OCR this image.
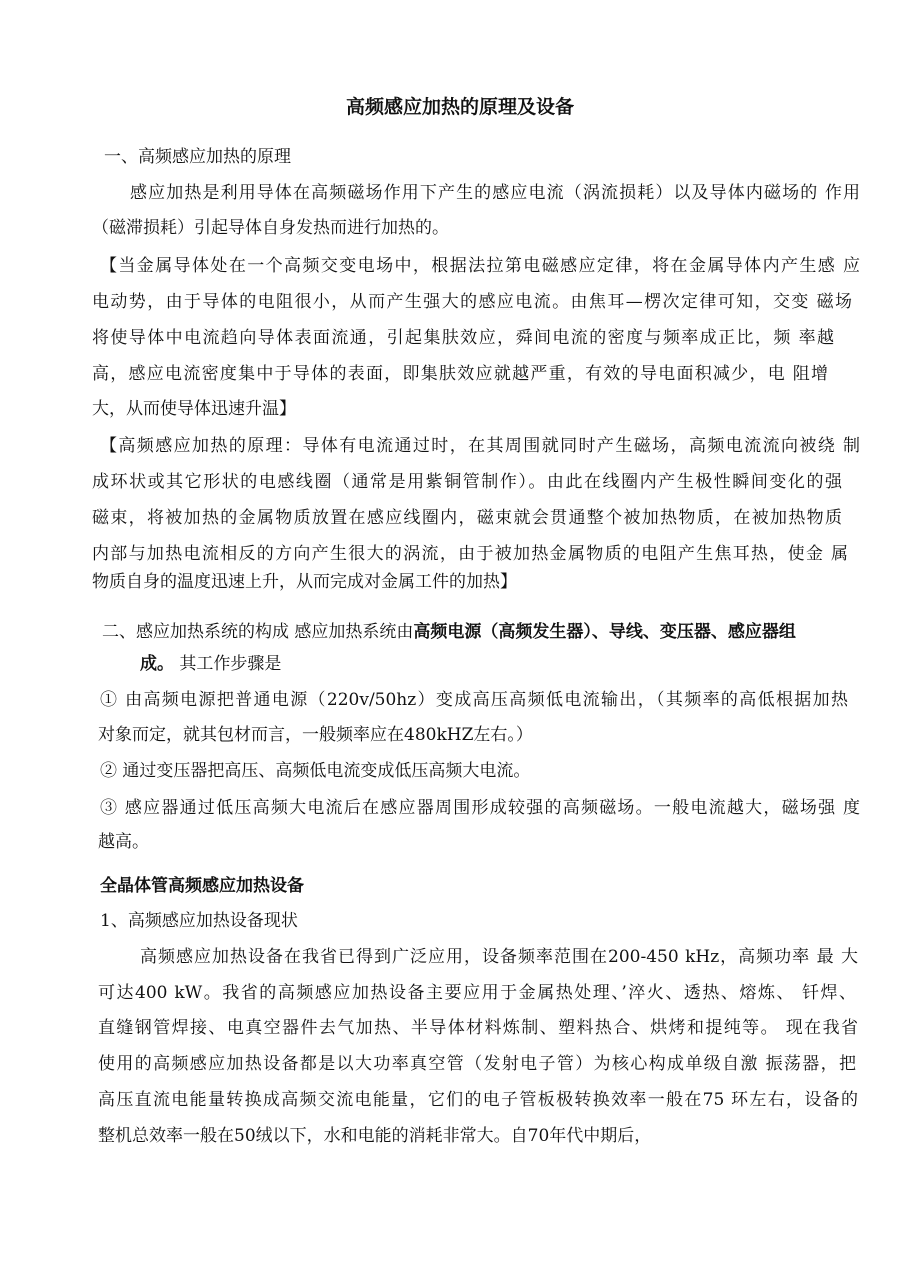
高频感应加热的原理及设备
一、高频感应加热的原理
感应加热是利用导体在高频磁场作用下产生的感应电流（涡流损耗）以及导体内磁场的 作用
（磁滞损耗）引起导体自身发热而进行加热的。
【当金属导体处在一个高频交变电场中，根据法拉第电磁感应定律，将在金属导体内产生感 应
电动势，由于导体的电阻很小，从而产生强大的感应电流。由焦耳—楞次定律可知，交变 磁场
将使导体中电流趋向导体表面流通，引起集肤效应，舜间电流的密度与频率成正比，频 率越
高，感应电流密度集中于导体的表面，即集肤效应就越严重，有效的导电面积减少，电 阻增
大，从而使导体迅速升温】
【高频感应加热的原理：导体有电流通过时，在其周围就同时产生磁场，高频电流流向被绕 制
成环状或其它形状的电感线圈（通常是用紫铜管制作）。由此在线圈内产生极性瞬间变化的强
磁束，将被加热的金属物质放置在感应线圈内，磁束就会贯通整个被加热物质，在被加热物质
内部与加热电流相反的方向产生很大的涡流，由于被加热金属物质的电阻产生焦耳热，使金 属
物质自身的温度迅速上升，从而完成对金属工件的加热】
二、感应加热系统的构成 感应加热系统由高频电源（高频发生器）、导线、变压器、感应器组
成。 其工作步骤是
① 由高频电源把普通电源（220v/50hz）变成高压高频低电流输出，（其频率的高低根据加热
对象而定，就其包材而言，一般频率应在480kHZ左右。）
② 通过变压器把高压、高频低电流变成低压高频大电流。
③ 感应器通过低压高频大电流后在感应器周围形成较强的高频磁场。一般电流越大，磁场强 度
越高。
全晶体管高频感应加热设备
1、高频感应加热设备现状
高频感应加热设备在我省已得到广泛应用，设备频率范围在200-450 kHz，高频功率 最 大
可达400 kW。我省的高频感应加热设备主要应用于金属热处理、’淬火、透热、熔炼、 钎焊、
直缝钢管焊接、电真空器件去气加热、半导体材料炼制、塑料热合、烘烤和提纯等。 现在我省
使用的高频感应加热设备都是以大功率真空管（发射电子管）为核心构成单级自激 振荡器，把
高压直流电能量转换成高频交流电能量，它们的电子管板极转换效率一般在75 环左右，设备的
整机总效率一般在50绒以下，水和电能的消耗非常大。自70年代中期后，
